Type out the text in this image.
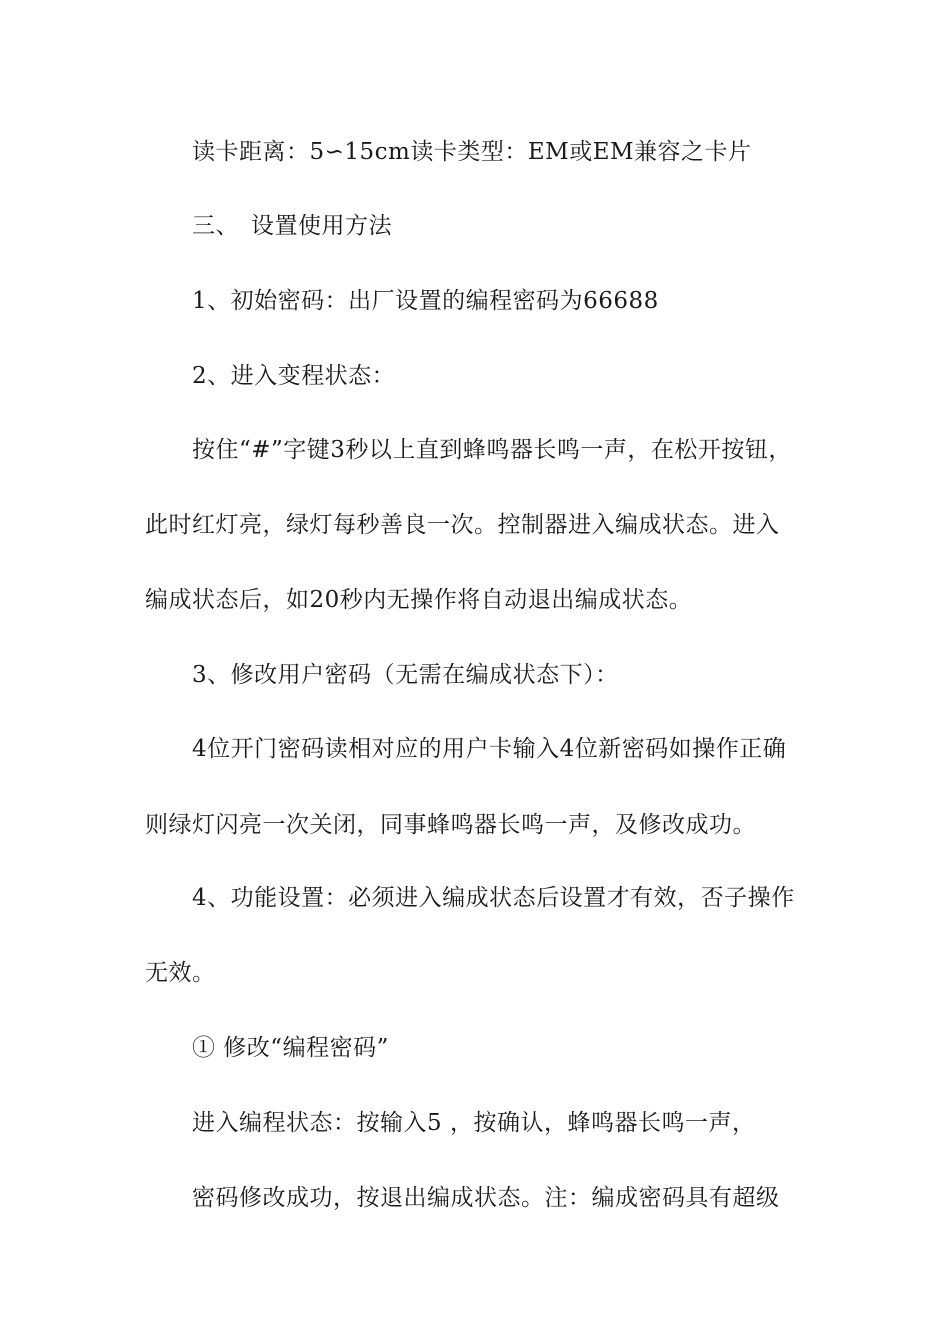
读卡距离：5∽15cm读卡类型：EM或EM兼容之卡片
三、　设置使用方法
1、初始密码：出厂设置的编程密码为66688
2、进入变程状态：
按住“#”字键3秒以上直到蜂鸣器长鸣一声，在松开按钮，
此时红灯亮，绿灯每秒善良一次。控制器进入编成状态。进入
编成状态后，如20秒内无操作将自动退出编成状态。
3、修改用户密码（无需在编成状态下）：
4位开门密码读相对应的用户卡输入4位新密码如操作正确
则绿灯闪亮一次关闭，同事蜂鸣器长鸣一声，及修改成功。
4、功能设置：必须进入编成状态后设置才有效，否子操作
无效。
① 修改“编程密码”
进入编程状态：按输入5 ，按确认，蜂鸣器长鸣一声，
密码修改成功，按退出编成状态。注：编成密码具有超级
